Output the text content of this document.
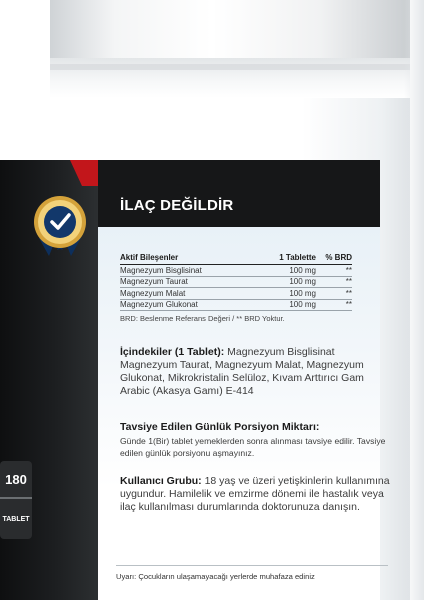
İLAÇ DEĞİLDİR
Aktif Bileşenler	1 Tablette	% BRD
Magnezyum Bisglisinat	100 mg	**
Magnezyum Taurat	100 mg	**
Magnezyum Malat	100 mg	**
Magnezyum Glukonat	100 mg	**
BRD: Beslenme Referans Değeri / ** BRD Yoktur.
İçindekiler (1 Tablet): Magnezyum Bisglisinat Magnezyum Taurat, Magnezyum Malat, Magnezyum Glukonat, Mikrokristalin Selüloz, Kıvam Arttırıcı Gam Arabic (Akasya Gamı) E-414
Tavsiye Edilen Günlük Porsiyon Miktarı:
Günde 1(Bir) tablet yemeklerden sonra alınması tavsiye edilir. Tavsiye edilen günlük porsiyonu aşmayınız.
Kullanıcı Grubu: 18 yaş ve üzeri yetişkinlerin kullanımına uygundur. Hamilelik ve emzirme dönemi ile hastalık veya ilaç kullanılması durumlarında doktorunuza danışın.
Uyarı: Çocukların ulaşamayacağı yerlerde muhafaza ediniz
180
TABLET
